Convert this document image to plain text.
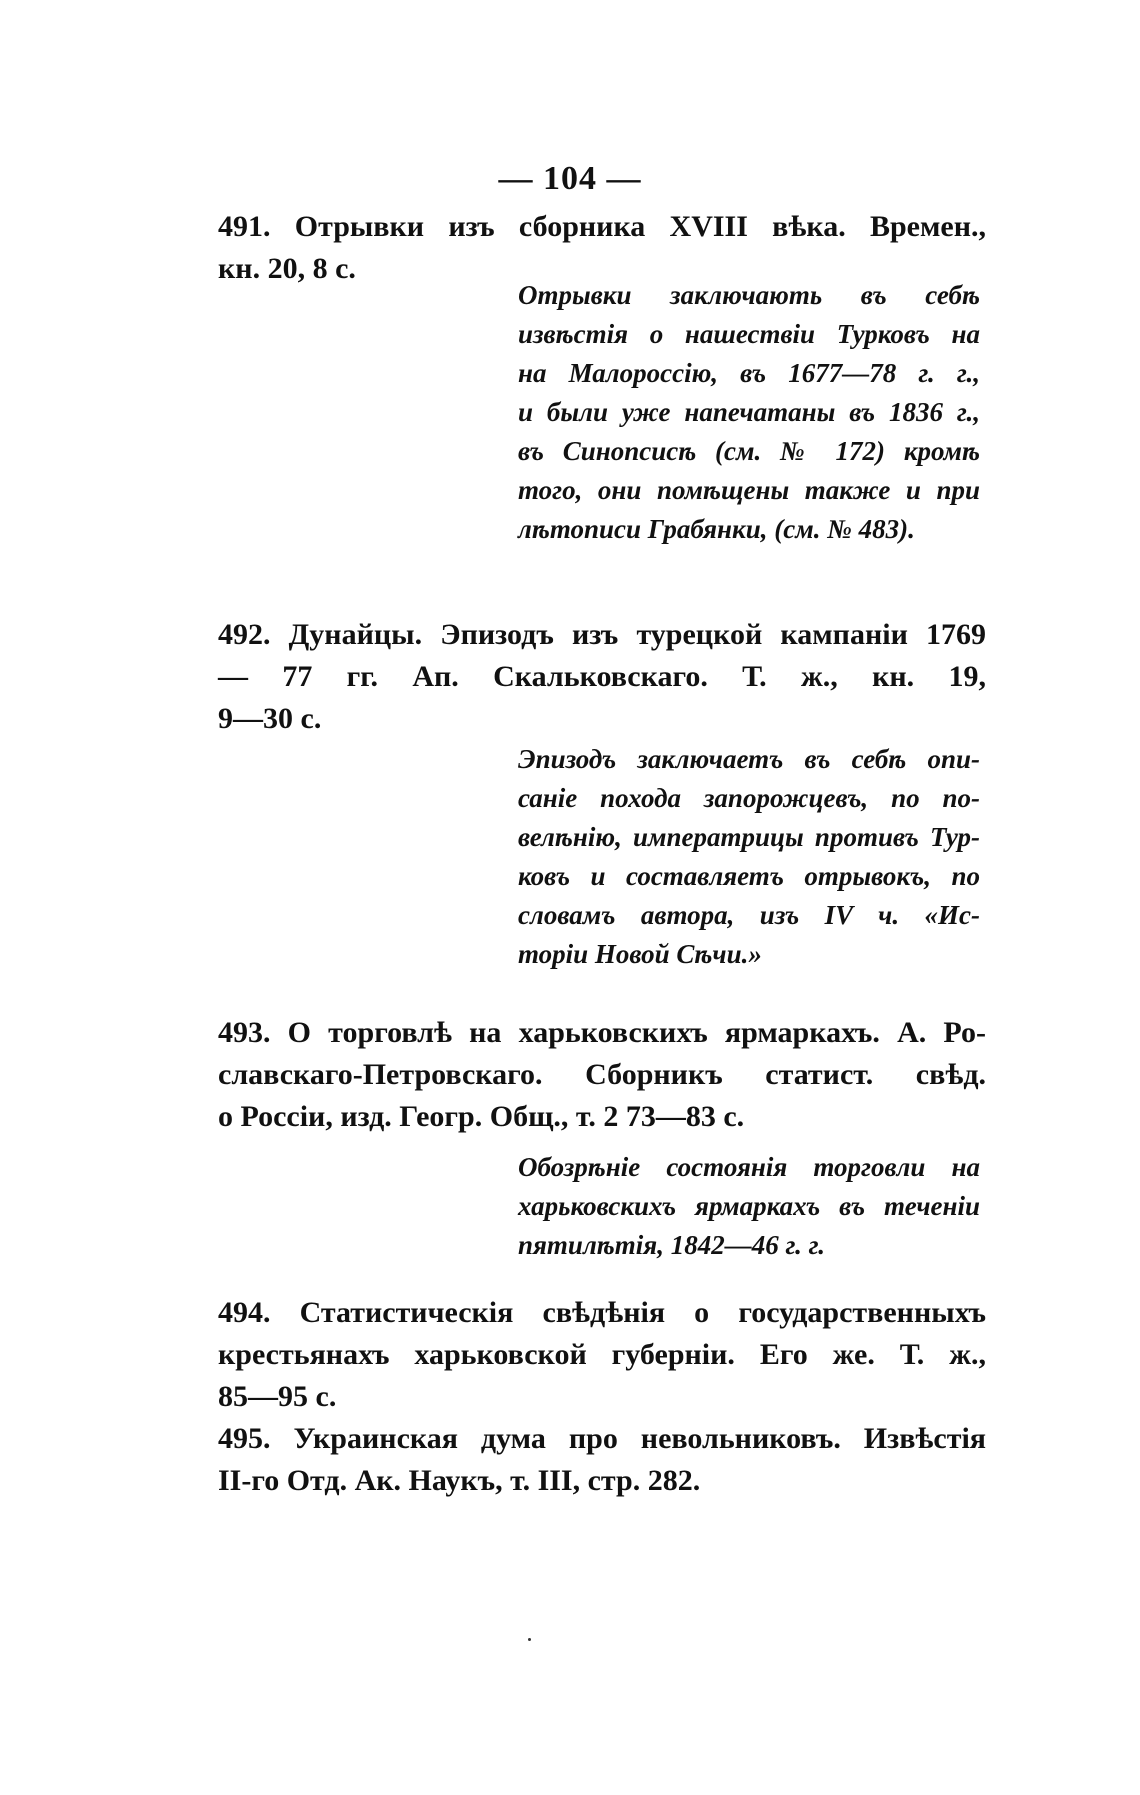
— 104 —
491. Отрывки изъ сборника XVIII вѣка. Времен.,
кн. 20, 8 с.
Отрывки заключають въ себѣ
извѣстія о нашествіи Турковъ на
на Малороссію, въ 1677—78 г. г.,
и были уже напечатаны въ 1836 г.,
въ Синопсисѣ (см. № 172) кромѣ
того, они помѣщены также и при
лѣтописи Грабянки, (см. № 483).
492. Дунайцы. Эпизодъ изъ турецкой кампаніи 1769
— 77 гг. Ап. Скальковскаго. Т. ж., кн. 19,
9—30 с.
Эпизодъ заключаетъ въ себѣ опи-
саніе похода запорожцевъ, по по-
велѣнію, императрицы противъ Тур-
ковъ и составляетъ отрывокъ, по
словамъ автора, изъ IV ч. «Ис-
торіи Новой Сѣчи.»
493. О торговлѣ на харьковскихъ ярмаркахъ. А. Ро-
славскаго-Петровскаго. Сборникъ статист. свѣд.
о Россіи, изд. Геогр. Общ., т. 2 73—83 с.
Обозрѣніе состоянія торговли на
харьковскихъ ярмаркахъ въ теченіи
пятилѣтія, 1842—46 г. г.
494. Статистическія свѣдѣнія о государственныхъ
крестьянахъ харьковской губерніи. Его же. Т. ж.,
85—95 с.
495. Украинская дума про невольниковъ. Извѣстія
II-го Отд. Ак. Наукъ, т. III, стр. 282.
